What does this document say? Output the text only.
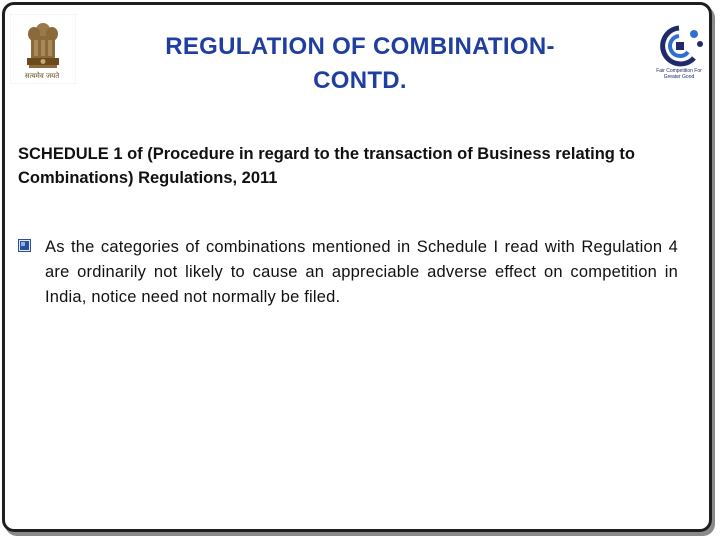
सत्यमेव जयते
REGULATION OF COMBINATION-
CONTD.	Fair Competition For Greater Good
SCHEDULE 1 of (Procedure in regard to the transaction of Business relating to Combinations) Regulations, 2011
As the categories of combinations mentioned in Schedule I read with Regulation 4 are ordinarily not likely to cause an appreciable adverse effect on competition in India, notice need not normally be filed.
